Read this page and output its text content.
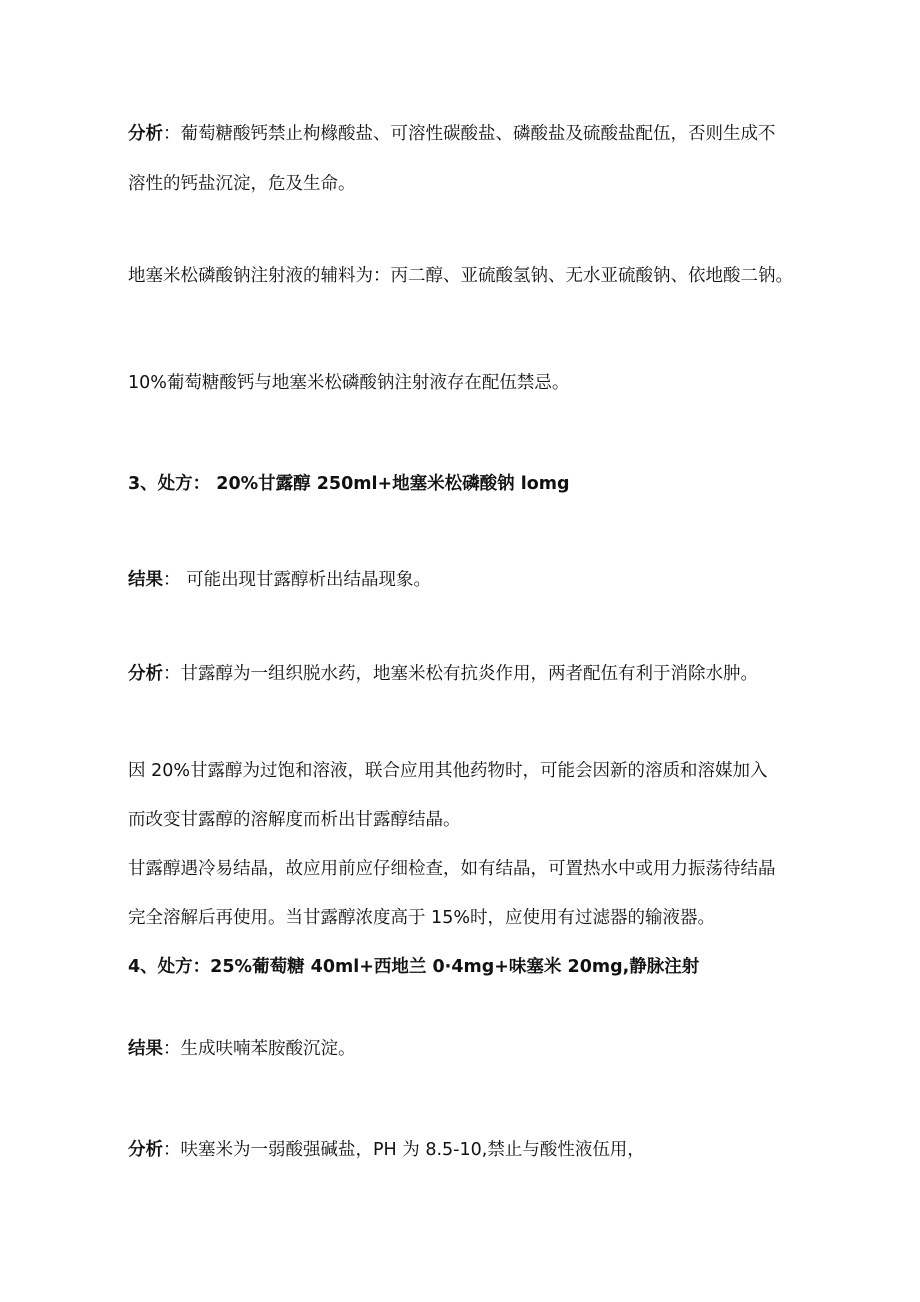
分析：葡萄糖酸钙禁止枸橼酸盐、可溶性碳酸盐、磷酸盐及硫酸盐配伍，否则生成不
溶性的钙盐沉淀，危及生命。
地塞米松磷酸钠注射液的辅料为：丙二醇、亚硫酸氢钠、无水亚硫酸钠、依地酸二钠。
10%葡萄糖酸钙与地塞米松磷酸钠注射液存在配伍禁忌。
3、处方： 20%甘露醇 250ml+地塞米松磷酸钠 lomg
结果： 可能出现甘露醇析出结晶现象。
分析：甘露醇为一组织脱水药，地塞米松有抗炎作用，两者配伍有利于消除水肿。
因 20%甘露醇为过饱和溶液，联合应用其他药物时，可能会因新的溶质和溶媒加入
而改变甘露醇的溶解度而析出甘露醇结晶。
甘露醇遇冷易结晶，故应用前应仔细检查，如有结晶，可置热水中或用力振荡待结晶
完全溶解后再使用。当甘露醇浓度高于 15%时，应使用有过滤器的输液器。
4、处方：25%葡萄糖 40ml+西地兰 0·4mg+味塞米 20mg,静脉注射
结果：生成呋喃苯胺酸沉淀。
分析：呋塞米为一弱酸强碱盐，PH 为 8.5-10,禁止与酸性液伍用，
